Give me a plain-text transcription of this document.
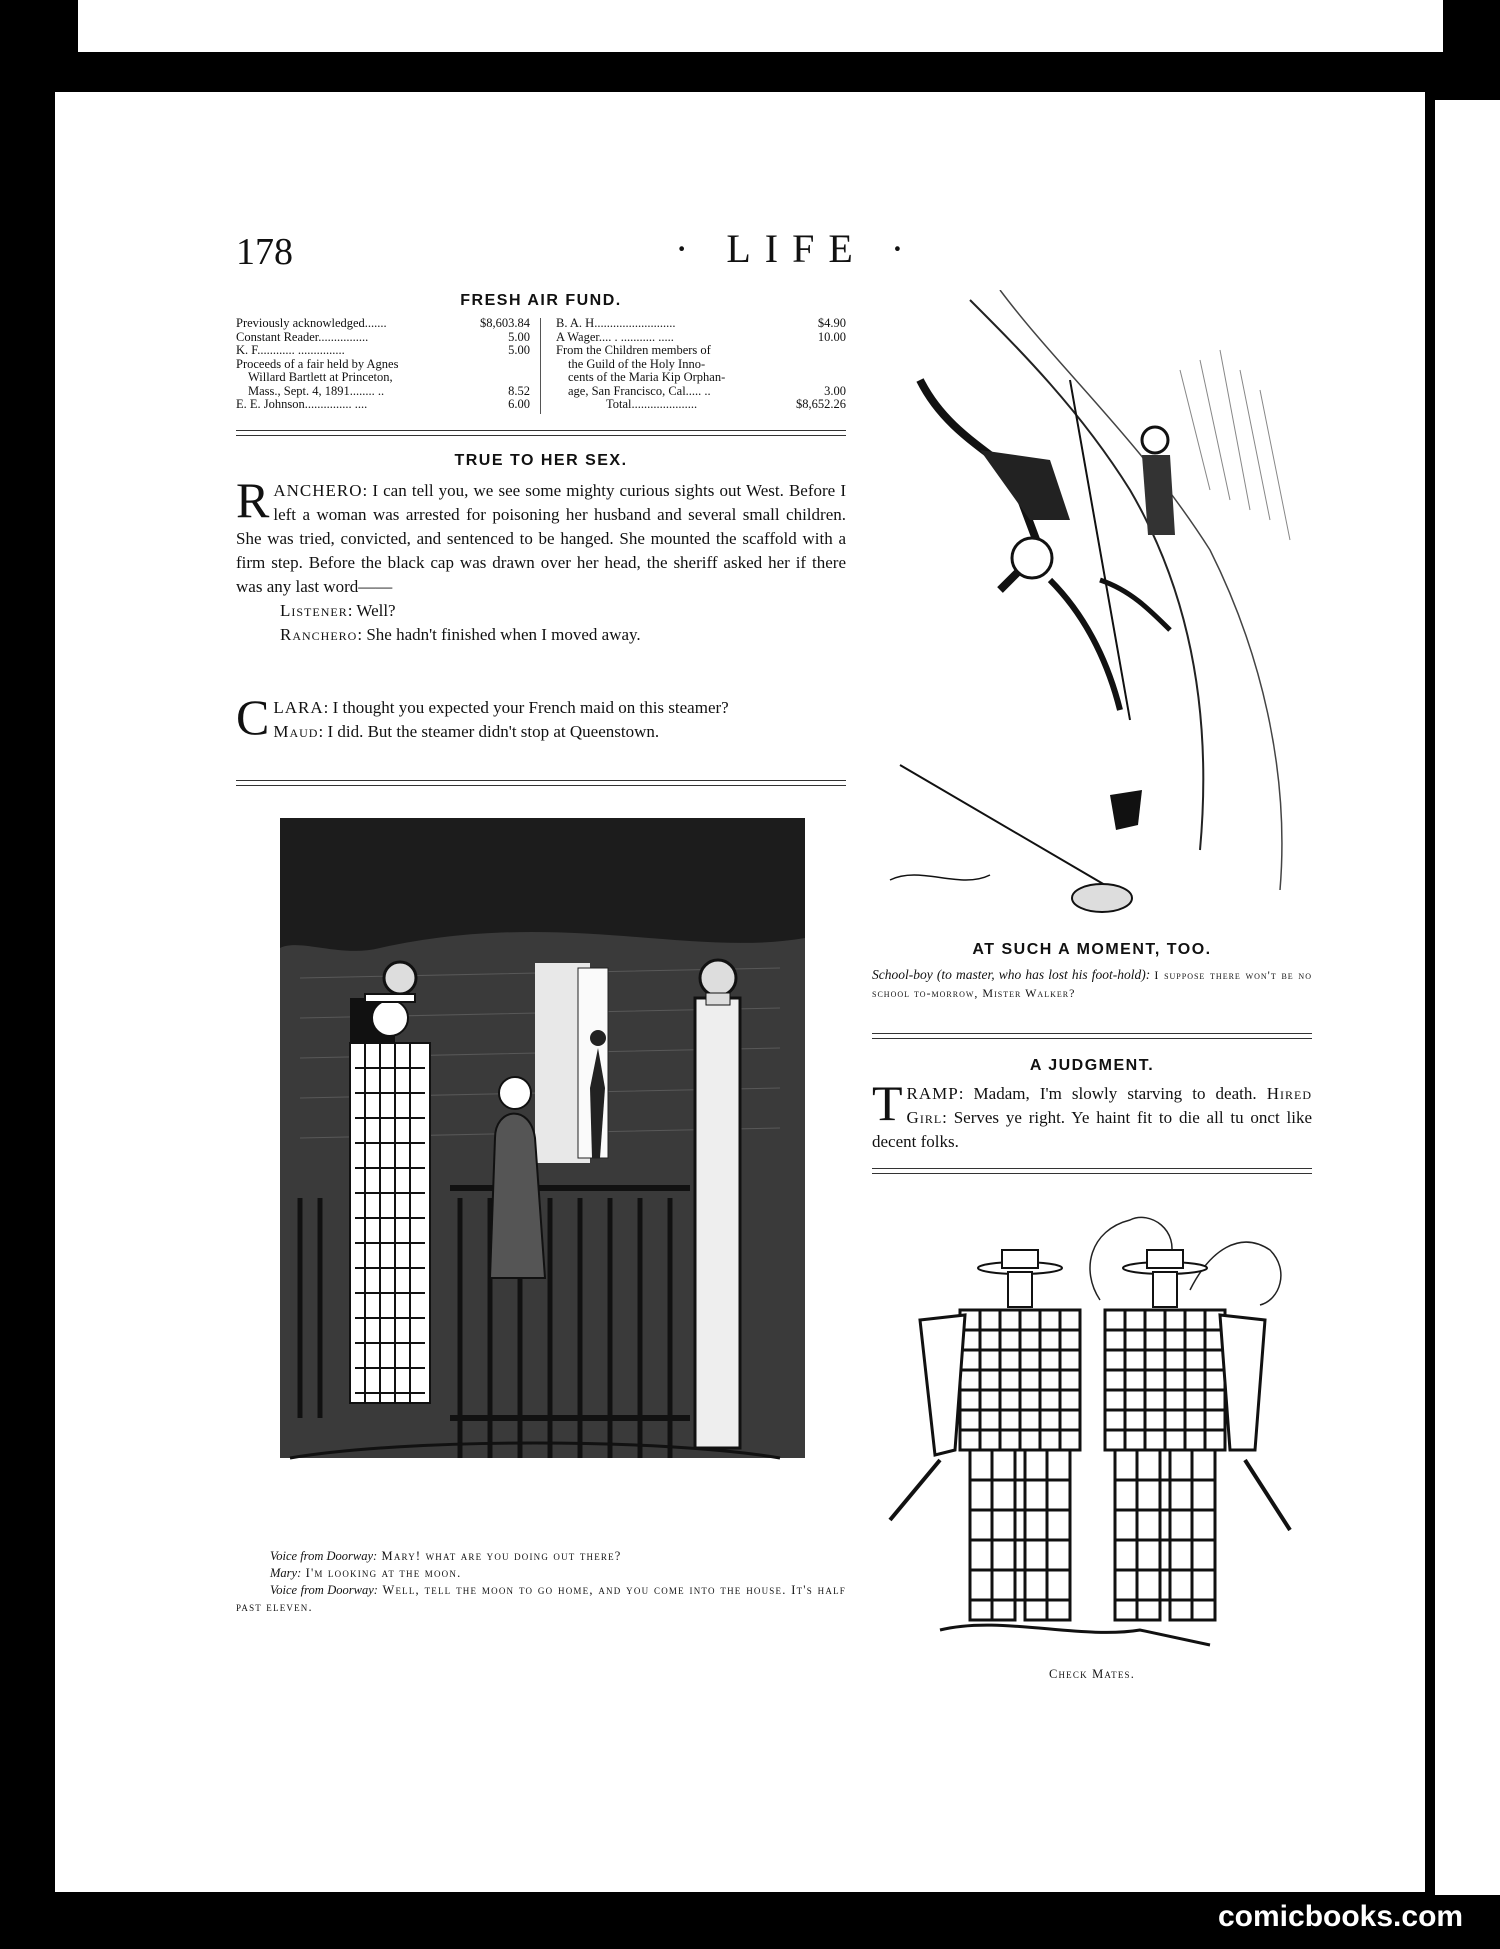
178	· LIFE ·
FRESH AIR FUND.
Previously acknowledged.......	$8,603.84
Constant Reader................	5.00
K. F............ ...............	5.00
Proceeds of a fair held by Agnes
Willard Bartlett at Princeton,
Mass., Sept. 4, 1891........ ..	8.52
E. E. Johnson............... ....	6.00
B. A. H..........................	$4.90
A Wager.... . ........... .....	10.00
From the Children members of
the Guild of the Holy Inno-
cents of the Maria Kip Orphan-
age, San Francisco, Cal..... ..	3.00
Total.....................	$8,652.26
TRUE TO HER SEX.
RANCHERO: I can tell you, we see some mighty curious sights out West. Before I left a woman was arrested for poisoning her husband and several small children. She was tried, convicted, and sentenced to be hanged. She mounted the scaffold with a firm step. Before the black cap was drawn over her head, the sheriff asked her if there was any last word——
Listener: Well?
Ranchero: She hadn't finished when I moved away.
CLARA: I thought you expected your French maid on this steamer?
Maud: I did. But the steamer didn't stop at Queenstown.
Voice from Doorway: Mary! what are you doing out there?
Mary: I'm looking at the moon.
Voice from Doorway: Well, tell the moon to go home, and you come into the house. It's half past eleven.
AT SUCH A MOMENT, TOO.
School-boy (to master, who has lost his foot-hold): I suppose there won't be no school to-morrow, Mister Walker?
A JUDGMENT.
TRAMP: Madam, I'm slowly starving to death. Hired Girl: Serves ye right. Ye haint fit to die all tu onct like decent folks.
Check Mates.
comicbooks.com
